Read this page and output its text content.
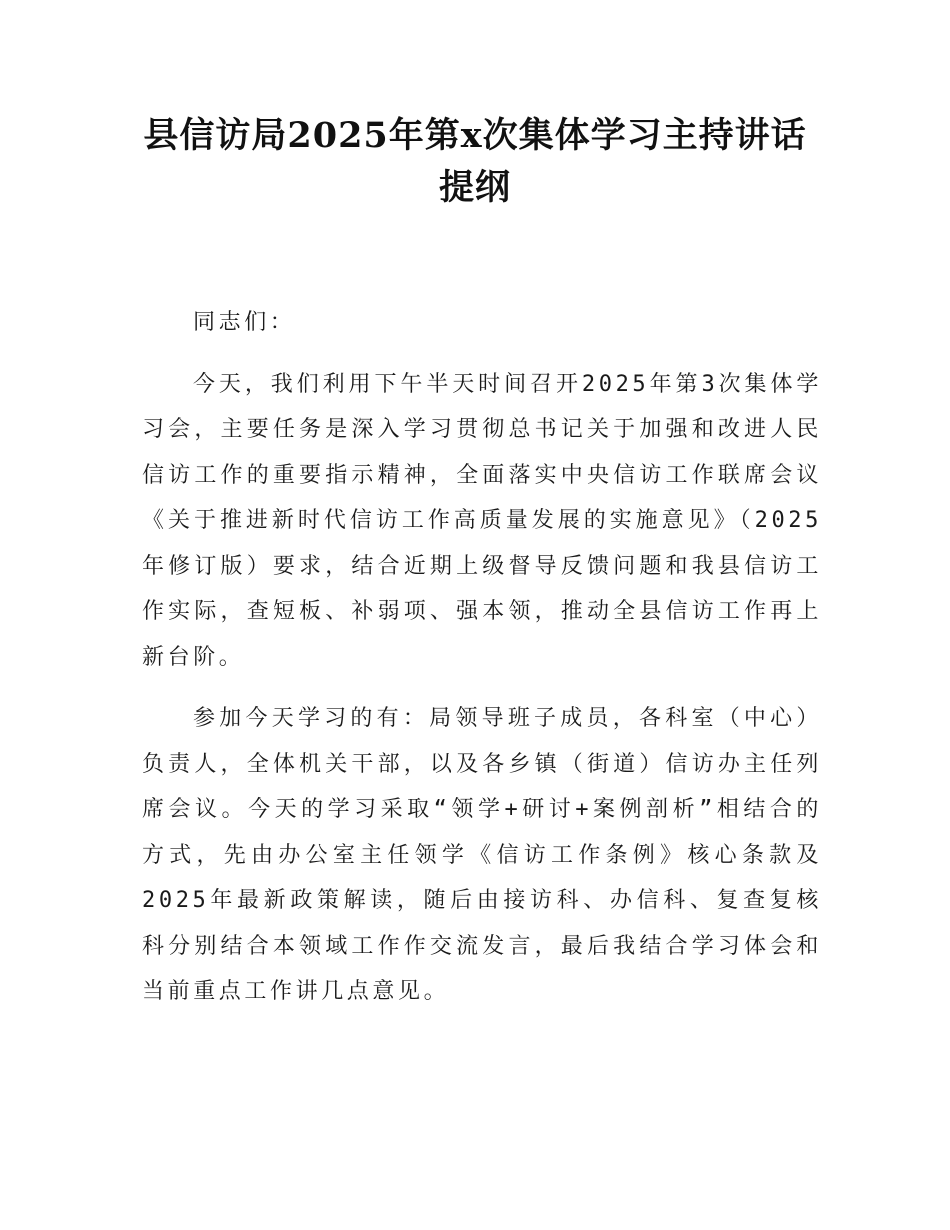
县信访局2025年第x次集体学习主持讲话提纲

同志们：

今天，我们利用下午半天时间召开2025年第3次集体学习会，主要任务是深入学习贯彻总书记关于加强和改进人民信访工作的重要指示精神，全面落实中央信访工作联席会议《关于推进新时代信访工作高质量发展的实施意见》（2025年修订版）要求，结合近期上级督导反馈问题和我县信访工作实际，查短板、补弱项、强本领，推动全县信访工作再上新台阶。

参加今天学习的有：局领导班子成员，各科室（中心）负责人，全体机关干部，以及各乡镇（街道）信访办主任列席会议。今天的学习采取“领学+研讨+案例剖析”相结合的方式，先由办公室主任领学《信访工作条例》核心条款及2025年最新政策解读，随后由接访科、办信科、复查复核科分别结合本领域工作作交流发言，最后我结合学习体会和当前重点工作讲几点意见。
